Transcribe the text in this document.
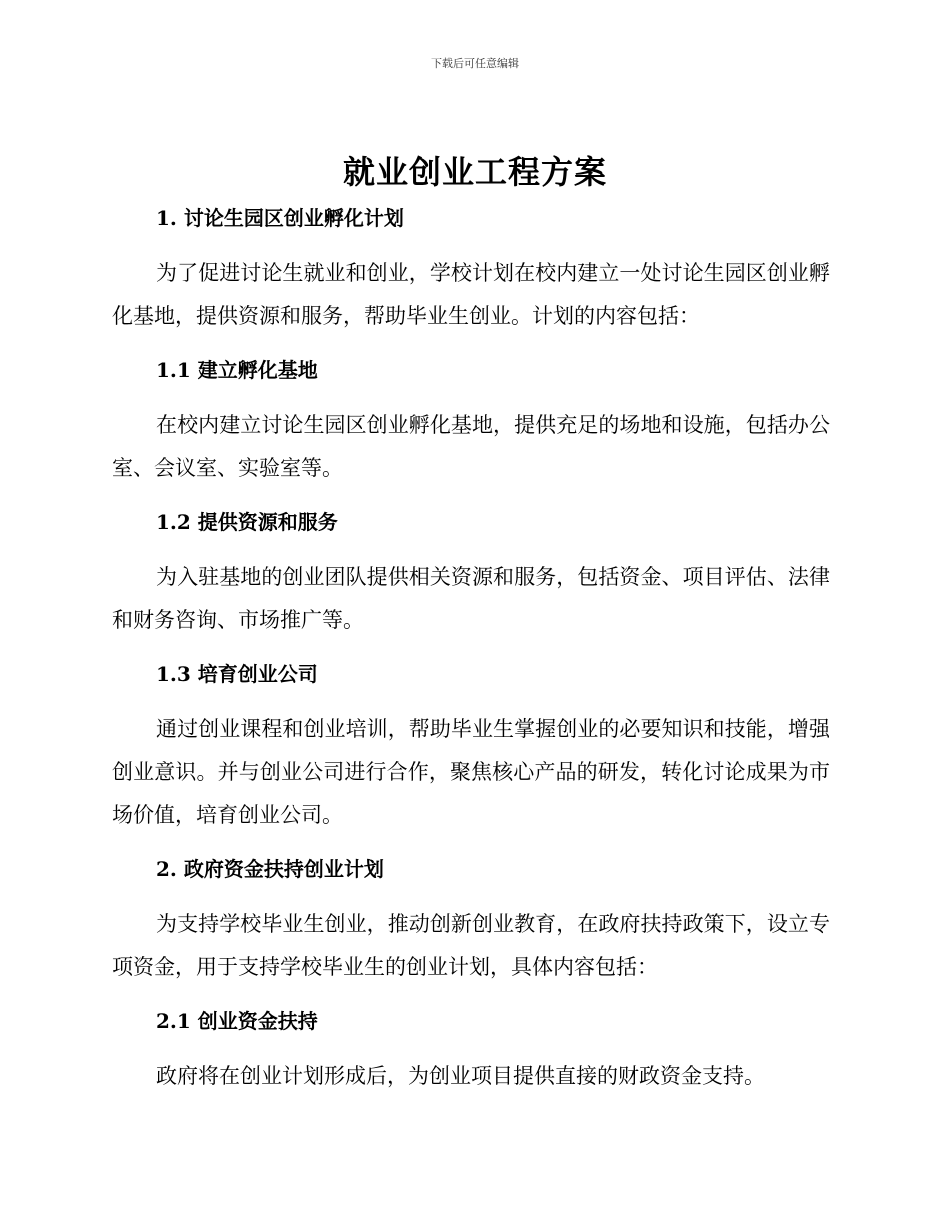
下载后可任意编辑
就业创业工程方案

1. 讨论生园区创业孵化计划

为了促进讨论生就业和创业，学校计划在校内建立一处讨论生园区创业孵化基地，提供资源和服务，帮助毕业生创业。计划的内容包括：

1.1 建立孵化基地

在校内建立讨论生园区创业孵化基地，提供充足的场地和设施，包括办公室、会议室、实验室等。

1.2 提供资源和服务

为入驻基地的创业团队提供相关资源和服务，包括资金、项目评估、法律和财务咨询、市场推广等。

1.3 培育创业公司

通过创业课程和创业培训，帮助毕业生掌握创业的必要知识和技能，增强创业意识。并与创业公司进行合作，聚焦核心产品的研发，转化讨论成果为市场价值，培育创业公司。

2. 政府资金扶持创业计划

为支持学校毕业生创业，推动创新创业教育，在政府扶持政策下，设立专项资金，用于支持学校毕业生的创业计划，具体内容包括：

2.1 创业资金扶持

政府将在创业计划形成后，为创业项目提供直接的财政资金支持。
